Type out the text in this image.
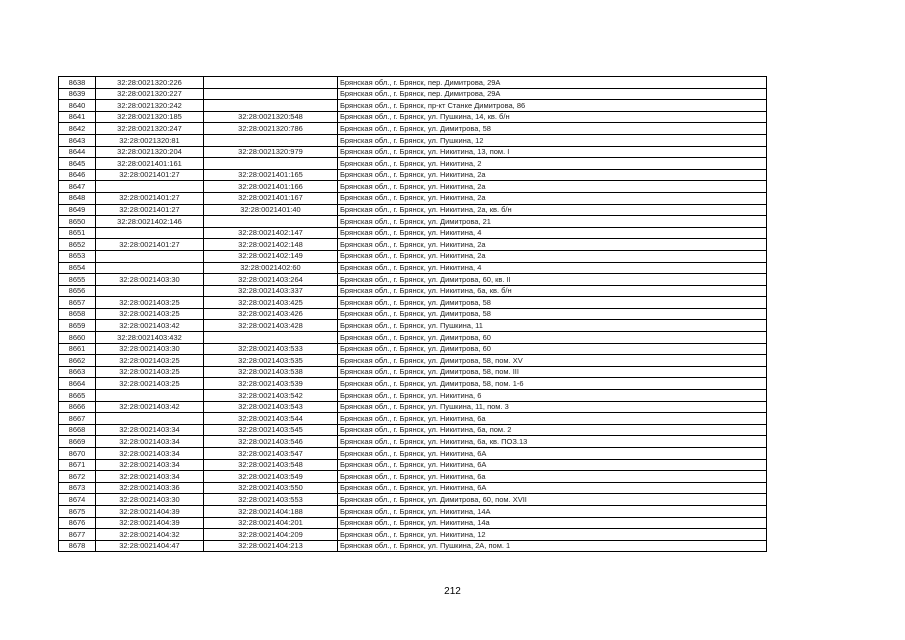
8638	32:28:0021320:226		Брянская обл., г. Брянск, пер. Димитрова, 29А
8639	32:28:0021320:227		Брянская обл., г. Брянск, пер. Димитрова, 29А
8640	32:28:0021320:242		Брянская обл., г. Брянск, пр-кт Станке Димитрова, 86
8641	32:28:0021320:185	32:28:0021320:548	Брянская обл., г. Брянск, ул. Пушкина, 14, кв. б/н
8642	32:28:0021320:247	32:28:0021320:786	Брянская обл., г. Брянск, ул. Димитрова, 58
8643	32:28:0021320:81		Брянская обл., г. Брянск, ул. Пушкина, 12
8644	32:28:0021320:204	32:28:0021320:979	Брянская обл., г. Брянск, ул. Никитина, 13, пом. I
8645	32:28:0021401:161		Брянская обл., г. Брянск, ул. Никитина, 2
8646	32:28:0021401:27	32:28:0021401:165	Брянская обл., г. Брянск, ул. Никитина, 2а
8647		32:28:0021401:166	Брянская обл., г. Брянск, ул. Никитина, 2а
8648	32:28:0021401:27	32:28:0021401:167	Брянская обл., г. Брянск, ул. Никитина, 2а
8649	32:28:0021401:27	32:28:0021401:40	Брянская обл., г. Брянск, ул. Никитина, 2а, кв. б/н
8650	32:28:0021402:146		Брянская обл., г. Брянск, ул. Димитрова, 21
8651		32:28:0021402:147	Брянская обл., г. Брянск, ул. Никитина, 4
8652	32:28:0021401:27	32:28:0021402:148	Брянская обл., г. Брянск, ул. Никитина, 2а
8653		32:28:0021402:149	Брянская обл., г. Брянск, ул. Никитина, 2а
8654		32:28:0021402:60	Брянская обл., г. Брянск, ул. Никитина, 4
8655	32:28:0021403:30	32:28:0021403:264	Брянская обл., г. Брянск, ул. Димитрова, 60, кв. II
8656		32:28:0021403:337	Брянская обл., г. Брянск, ул. Никитина, 6а, кв. б/н
8657	32:28:0021403:25	32:28:0021403:425	Брянская обл., г. Брянск, ул. Димитрова, 58
8658	32:28:0021403:25	32:28:0021403:426	Брянская обл., г. Брянск, ул. Димитрова, 58
8659	32:28:0021403:42	32:28:0021403:428	Брянская обл., г. Брянск, ул. Пушкина, 11
8660	32:28:0021403:432		Брянская обл., г. Брянск, ул. Димитрова, 60
8661	32:28:0021403:30	32:28:0021403:533	Брянская обл., г. Брянск, ул. Димитрова, 60
8662	32:28:0021403:25	32:28:0021403:535	Брянская обл., г. Брянск, ул. Димитрова, 58, пом. XV
8663	32:28:0021403:25	32:28:0021403:538	Брянская обл., г. Брянск, ул. Димитрова, 58, пом. III
8664	32:28:0021403:25	32:28:0021403:539	Брянская обл., г. Брянск, ул. Димитрова, 58, пом. 1-6
8665		32:28:0021403:542	Брянская обл., г. Брянск, ул. Никитина, 6
8666	32:28:0021403:42	32:28:0021403:543	Брянская обл., г. Брянск, ул. Пушкина, 11, пом. 3
8667		32:28:0021403:544	Брянская обл., г. Брянск, ул. Никитина, 6а
8668	32:28:0021403:34	32:28:0021403:545	Брянская обл., г. Брянск, ул. Никитина, 6а, пом. 2
8669	32:28:0021403:34	32:28:0021403:546	Брянская обл., г. Брянск, ул. Никитина, 6а, кв. ПОЗ.13
8670	32:28:0021403:34	32:28:0021403:547	Брянская обл., г. Брянск, ул. Никитина, 6А
8671	32:28:0021403:34	32:28:0021403:548	Брянская обл., г. Брянск, ул. Никитина, 6А
8672	32:28:0021403:34	32:28:0021403:549	Брянская обл., г. Брянск, ул. Никитина, 6а
8673	32:28:0021403:36	32:28:0021403:550	Брянская обл., г. Брянск, ул. Никитина, 6А
8674	32:28:0021403:30	32:28:0021403:553	Брянская обл., г. Брянск, ул. Димитрова, 60, пом. XVII
8675	32:28:0021404:39	32:28:0021404:188	Брянская обл., г. Брянск, ул. Никитина, 14А
8676	32:28:0021404:39	32:28:0021404:201	Брянская обл., г. Брянск, ул. Никитина, 14а
8677	32:28:0021404:32	32:28:0021404:209	Брянская обл., г. Брянск, ул. Никитина, 12
8678	32:28:0021404:47	32:28:0021404:213	Брянская обл., г. Брянск, ул. Пушкина, 2А, пом. 1
212
